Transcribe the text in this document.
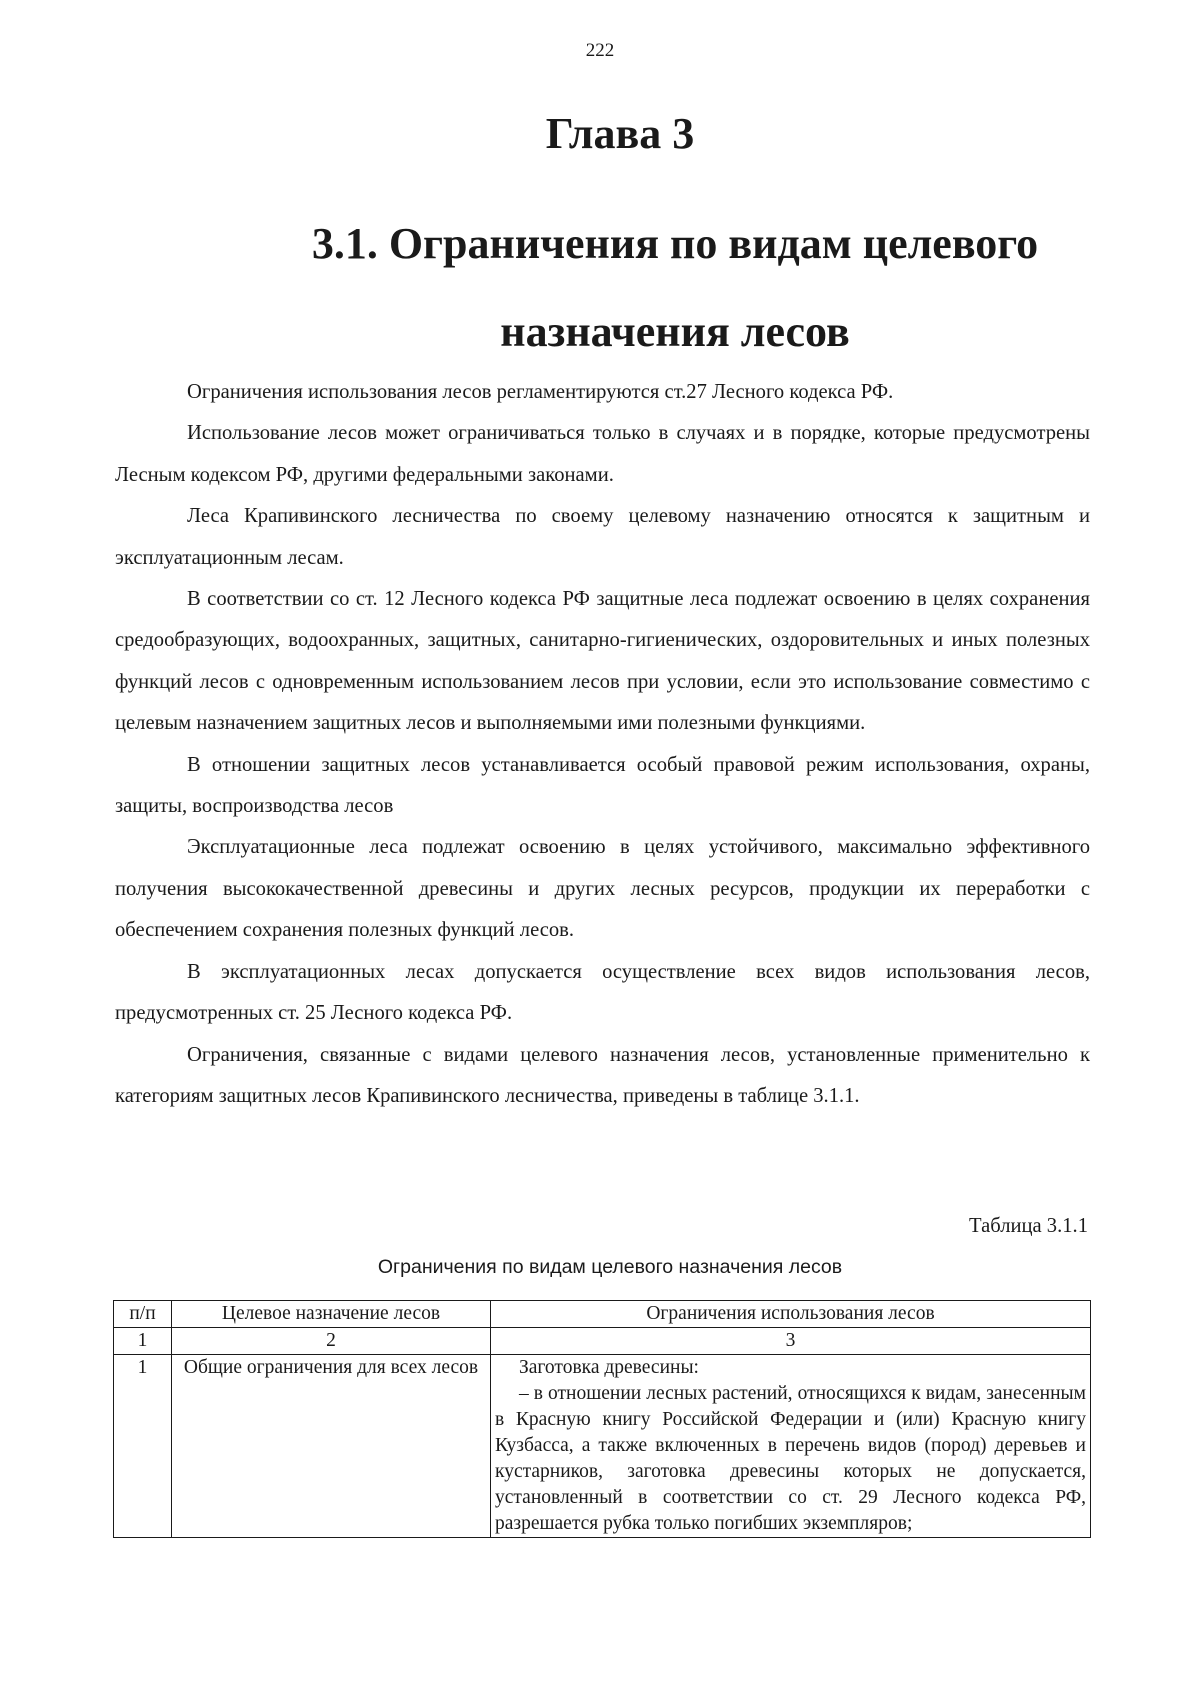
222
Глава 3
3.1. Ограничения по видам целевого назначения лесов

Ограничения использования лесов регламентируются ст.27 Лесного кодекса РФ.

Использование лесов может ограничиваться только в случаях и в порядке, которые предусмотрены Лесным кодексом РФ, другими федеральными законами.

Леса Крапивинского лесничества по своему целевому назначению относятся к защитным и эксплуатационным лесам.

В соответствии со ст. 12 Лесного кодекса РФ защитные леса подлежат освоению в целях сохранения средообразующих, водоохранных, защитных, санитарно-гигиенических, оздоровительных и иных полезных функций лесов с одновременным использованием лесов при условии, если это использование совместимо с целевым назначением защитных лесов и выполняемыми ими полезными функциями.

В отношении защитных лесов устанавливается особый правовой режим использования, охраны, защиты, воспроизводства лесов

Эксплуатационные леса подлежат освоению в целях устойчивого, максимально эффективного получения высококачественной древесины и других лесных ресурсов, продукции их переработки с обеспечением сохранения полезных функций лесов.

В эксплуатационных лесах допускается осуществление всех видов использования лесов, предусмотренных ст. 25 Лесного кодекса РФ.

Ограничения, связанные с видами целевого назначения лесов, установленные применительно к категориям защитных лесов Крапивинского лесничества, приведены в таблице 3.1.1.

Таблица 3.1.1
Ограничения по видам целевого назначения лесов
п/п	Целевое назначение лесов	Ограничения использования лесов
1	2	3
1	Общие ограничения для всех лесов	Заготовка древесины:
– в отношении лесных растений, относящихся к видам, занесенным в Красную книгу Российской Федерации и (или) Красную книгу Кузбасса, а также включенных в перечень видов (пород) деревьев и кустарников, заготовка древесины которых не допускается, установленный в соответствии со ст. 29 Лесного кодекса РФ, разрешается рубка только погибших экземпляров;
